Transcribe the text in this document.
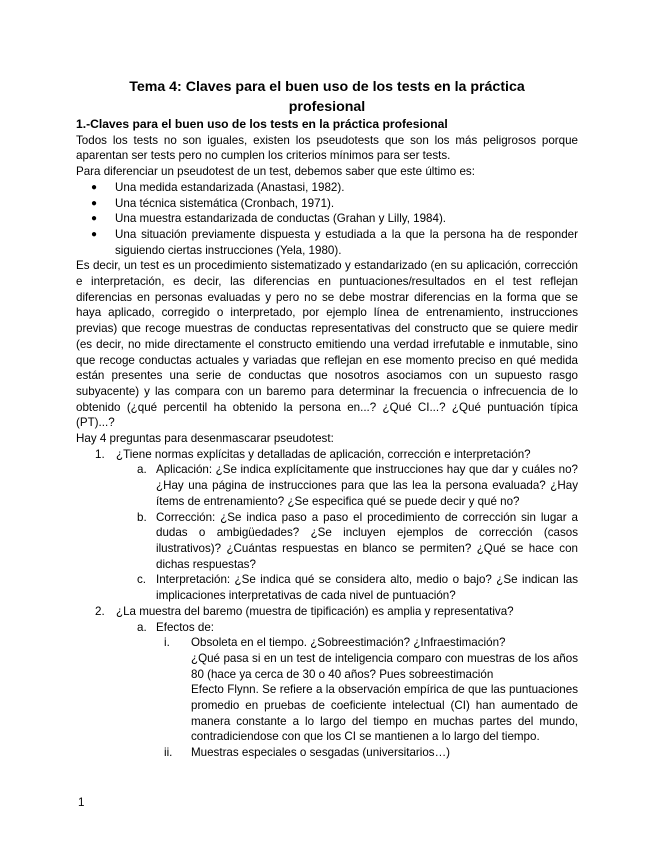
Tema 4: Claves para el buen uso de los tests en la práctica profesional
1.-Claves para el buen uso de los tests en la práctica profesional

Todos los tests no son iguales, existen los pseudotests que son los más peligrosos porque aparentan ser tests pero no cumplen los criterios mínimos para ser tests.

Para diferenciar un pseudotest de un test, debemos saber que este último es:

●	Una medida estandarizada (Anastasi, 1982).
●	Una técnica sistemática (Cronbach, 1971).
●	Una muestra estandarizada de conductas (Grahan y Lilly, 1984).
●	Una situación previamente dispuesta y estudiada a la que la persona ha de responder siguiendo ciertas instrucciones (Yela, 1980).

Es decir, un test es un procedimiento sistematizado y estandarizado (en su aplicación, corrección e interpretación, es decir, las diferencias en puntuaciones/resultados en el test reflejan diferencias en personas evaluadas y pero no se debe mostrar diferencias en la forma que se haya aplicado, corregido o interpretado, por ejemplo línea de entrenamiento, instrucciones previas) que recoge muestras de conductas representativas del constructo que se quiere medir (es decir, no mide directamente el constructo emitiendo una verdad irrefutable e inmutable, sino que recoge conductas actuales y variadas que reflejan en ese momento preciso en qué medida están presentes una serie de conductas que nosotros asociamos con un supuesto rasgo subyacente) y las compara con un baremo para determinar la frecuencia o infrecuencia de lo obtenido (¿qué percentil ha obtenido la persona en...? ¿Qué CI...? ¿Qué puntuación típica (PT)...?

Hay 4 preguntas para desenmascarar pseudotest:

1. ¿Tiene normas explícitas y detalladas de aplicación, corrección e interpretación?
a. Aplicación: ¿Se indica explícitamente que instrucciones hay que dar y cuáles no? ¿Hay una página de instrucciones para que las lea la persona evaluada? ¿Hay ítems de entrenamiento? ¿Se especifica qué se puede decir y qué no?
b. Corrección: ¿Se indica paso a paso el procedimiento de corrección sin lugar a dudas o ambigüedades? ¿Se incluyen ejemplos de corrección (casos ilustrativos)? ¿Cuántas respuestas en blanco se permiten? ¿Qué se hace con dichas respuestas?
c. Interpretación: ¿Se indica qué se considera alto, medio o bajo? ¿Se indican las implicaciones interpretativas de cada nivel de puntuación?
2. ¿La muestra del baremo (muestra de tipificación) es amplia y representativa?
a. Efectos de:
i.	Obsoleta en el tiempo. ¿Sobreestimación? ¿Infraestimación?
¿Qué pasa si en un test de inteligencia comparo con muestras de los años 80 (hace ya cerca de 30 o 40 años? Pues sobreestimación
Efecto Flynn. Se refiere a la observación empírica de que las puntuaciones promedio en pruebas de coeficiente intelectual (CI) han aumentado de manera constante a lo largo del tiempo en muchas partes del mundo, contradiciendose con que los CI se mantienen a lo largo del tiempo.
ii.	Muestras especiales o sesgadas (universitarios…)
1
